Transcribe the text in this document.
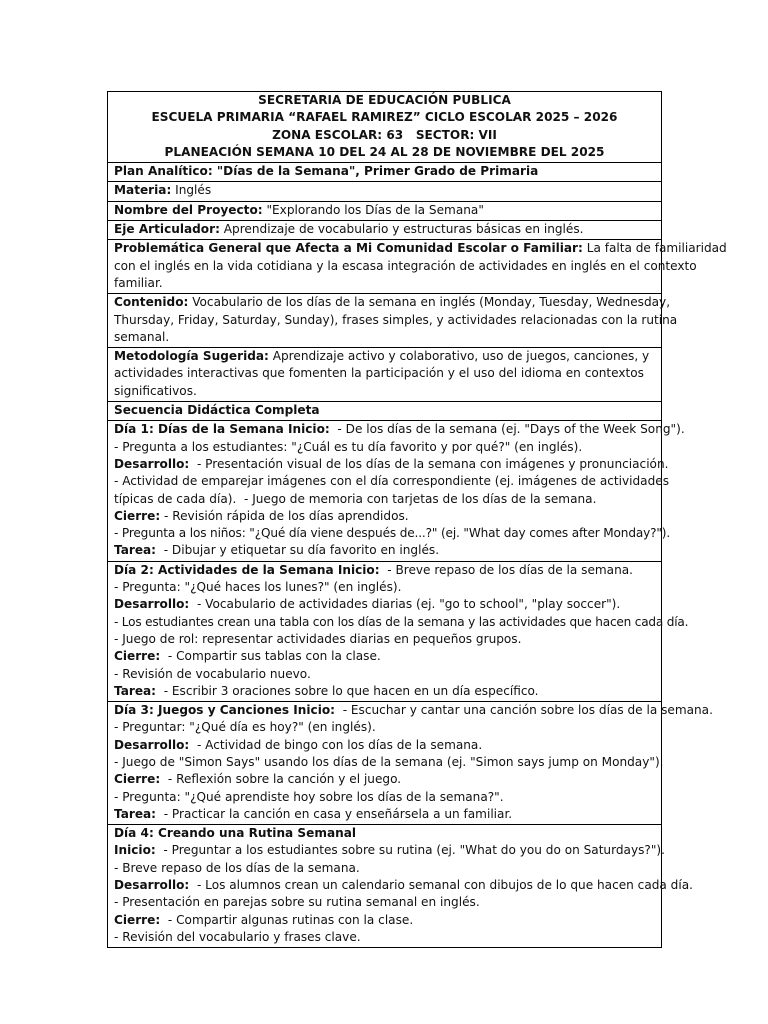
SECRETARIA DE EDUCACIÓN PUBLICA
ESCUELA PRIMARIA “RAFAEL RAMIREZ” CICLO ESCOLAR 2025 – 2026
ZONA ESCOLAR: 63   SECTOR: VII
PLANEACIÓN SEMANA 10 DEL 24 AL 28 DE NOVIEMBRE DEL 2025

Plan Analítico: "Días de la Semana", Primer Grado de Primaria
Materia: Inglés
Nombre del Proyecto: "Explorando los Días de la Semana"
Eje Articulador: Aprendizaje de vocabulario y estructuras básicas en inglés.

Problemática General que Afecta a Mi Comunidad Escolar o Familiar: La falta de familiaridad
con el inglés en la vida cotidiana y la escasa integración de actividades en inglés en el contexto
familiar.

Contenido: Vocabulario de los días de la semana en inglés (Monday, Tuesday, Wednesday,
Thursday, Friday, Saturday, Sunday), frases simples, y actividades relacionadas con la rutina
semanal.

Metodología Sugerida: Aprendizaje activo y colaborativo, uso de juegos, canciones, y
actividades interactivas que fomenten la participación y el uso del idioma en contextos
significativos.

Secuencia Didáctica Completa

Día 1: Días de la Semana Inicio:  - De los días de la semana (ej. "Days of the Week Song").
- Pregunta a los estudiantes: "¿Cuál es tu día favorito y por qué?" (en inglés).
Desarrollo:  - Presentación visual de los días de la semana con imágenes y pronunciación.
- Actividad de emparejar imágenes con el día correspondiente (ej. imágenes de actividades
típicas de cada día).  - Juego de memoria con tarjetas de los días de la semana.
Cierre: - Revisión rápida de los días aprendidos.
- Pregunta a los niños: "¿Qué día viene después de...?" (ej. "What day comes after Monday?").
Tarea:  - Dibujar y etiquetar su día favorito en inglés.

Día 2: Actividades de la Semana Inicio:  - Breve repaso de los días de la semana.
- Pregunta: "¿Qué haces los lunes?" (en inglés).
Desarrollo:  - Vocabulario de actividades diarias (ej. "go to school", "play soccer").
- Los estudiantes crean una tabla con los días de la semana y las actividades que hacen cada día.
- Juego de rol: representar actividades diarias en pequeños grupos.
Cierre:  - Compartir sus tablas con la clase.
- Revisión de vocabulario nuevo.
Tarea:  - Escribir 3 oraciones sobre lo que hacen en un día específico.

Día 3: Juegos y Canciones Inicio:  - Escuchar y cantar una canción sobre los días de la semana.
- Preguntar: "¿Qué día es hoy?" (en inglés).
Desarrollo:  - Actividad de bingo con los días de la semana.
- Juego de "Simon Says" usando los días de la semana (ej. "Simon says jump on Monday").
Cierre:  - Reflexión sobre la canción y el juego.
- Pregunta: "¿Qué aprendiste hoy sobre los días de la semana?".
Tarea:  - Practicar la canción en casa y enseñársela a un familiar.

Día 4: Creando una Rutina Semanal
Inicio:  - Preguntar a los estudiantes sobre su rutina (ej. "What do you do on Saturdays?").
- Breve repaso de los días de la semana.
Desarrollo:  - Los alumnos crean un calendario semanal con dibujos de lo que hacen cada día.
- Presentación en parejas sobre su rutina semanal en inglés.
Cierre:  - Compartir algunas rutinas con la clase.
- Revisión del vocabulario y frases clave.
